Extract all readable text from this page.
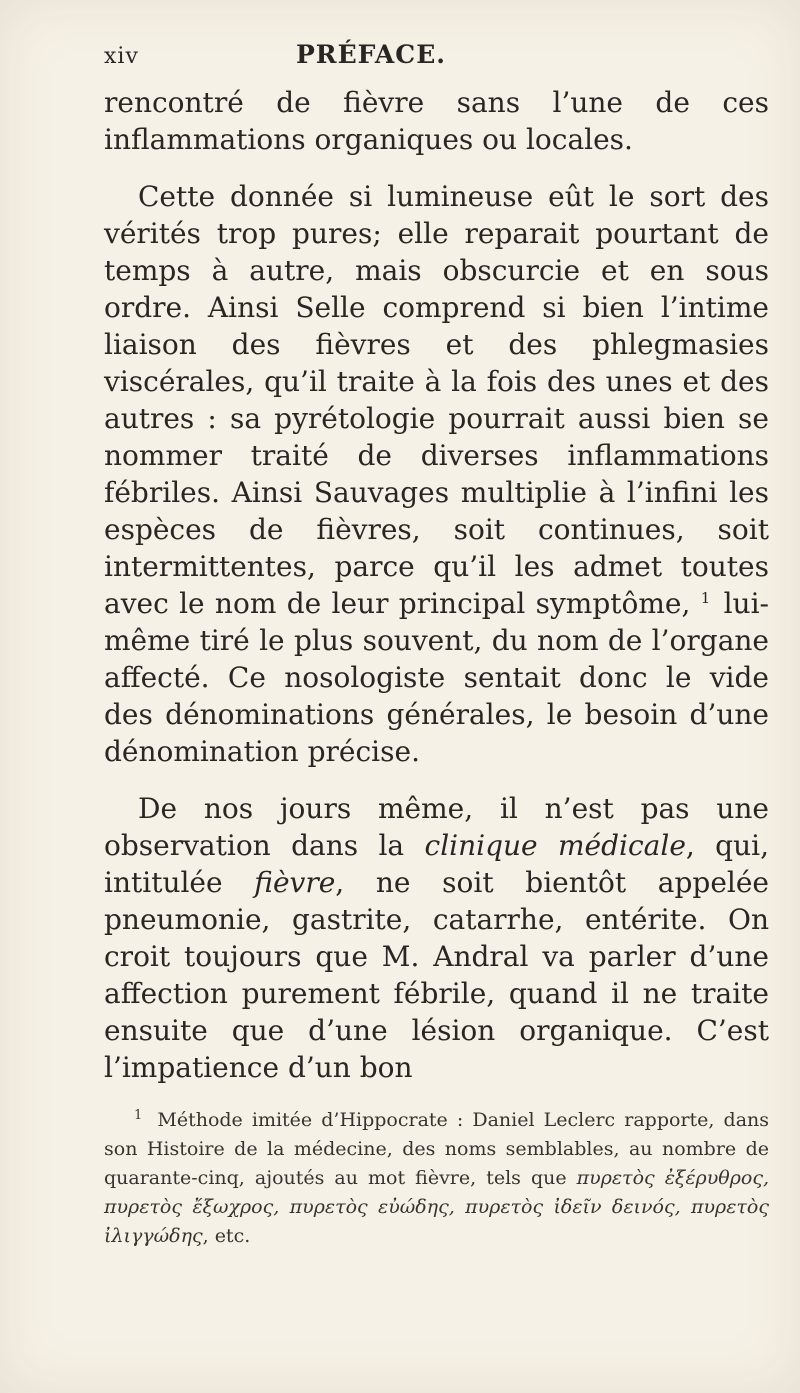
xiv	PRÉFACE.

rencontré de fièvre sans l’une de ces inflammations organiques ou locales.

Cette donnée si lumineuse eût le sort des vérités trop pures; elle reparait pourtant de temps à autre, mais obscurcie et en sous ordre. Ainsi Selle comprend si bien l’intime liaison des fièvres et des phlegmasies viscérales, qu’il traite à la fois des unes et des autres : sa pyrétologie pourrait aussi bien se nommer traité de diverses inflammations fébriles. Ainsi Sauvages multiplie à l’infini les espèces de fièvres, soit continues, soit intermittentes, parce qu’il les admet toutes avec le nom de leur principal symptôme, $^1$ lui-même tiré le plus souvent, du nom de l’organe affecté. Ce nosologiste sentait donc le vide des dénominations générales, le besoin d’une dénomination précise.

De nos jours même, il n’est pas une observation dans la clinique médicale, qui, intitulée fièvre, ne soit bientôt appelée pneumonie, gastrite, catarrhe, entérite. On croit toujours que M. Andral va parler d’une affection purement fébrile, quand il ne traite ensuite que d’une lésion organique. C’est l’impatience d’un bon

$^1$ Méthode imitée d’Hippocrate : Daniel Leclerc rapporte, dans son Histoire de la médecine, des noms semblables, au nombre de quarante-cinq, ajoutés au mot fièvre, tels que πυρετὸς ἐξέρυθρος, πυρετὸς ἔξωχρος, πυρετὸς εὐώδης, πυρετὸς ἰδεῖν δεινός, πυρετὸς ἰλιγγώδης, etc.
